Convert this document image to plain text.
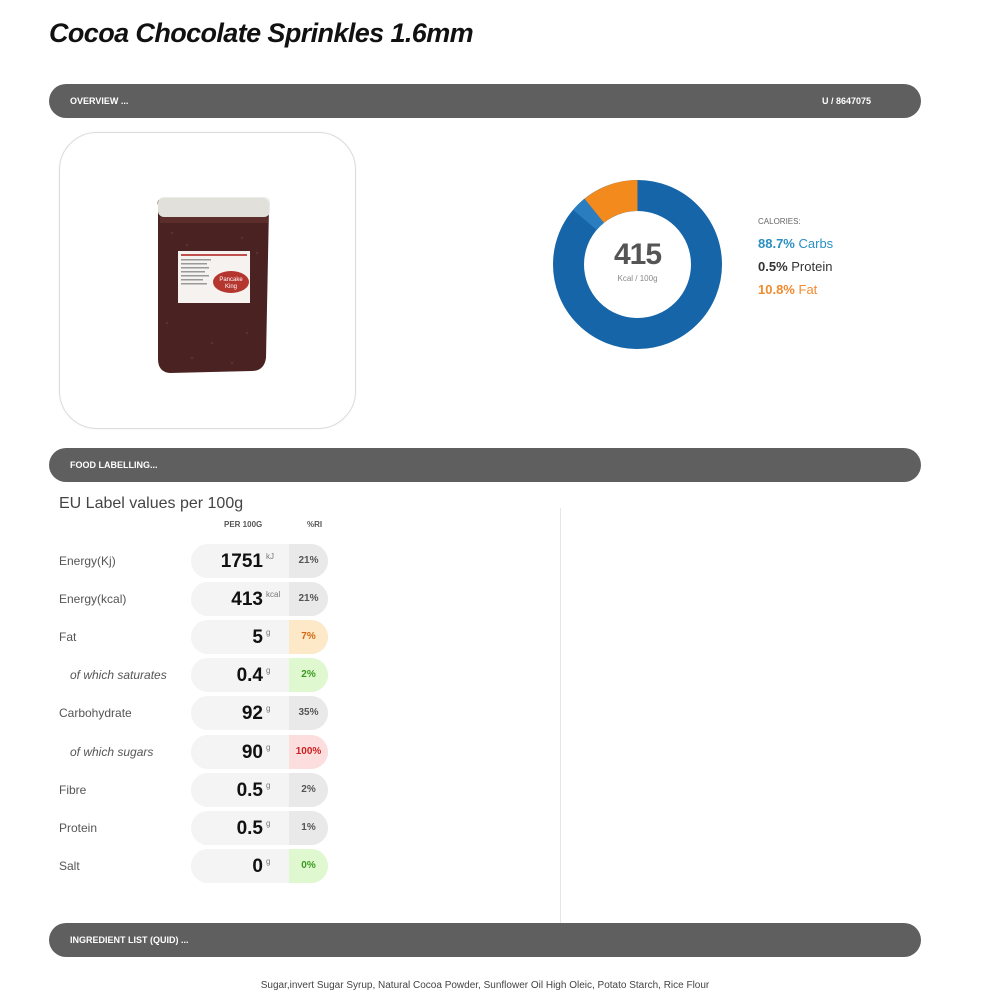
Cocoa Chocolate Sprinkles 1.6mm
OVERVIEW ...	U / 8647075
Pancake
King
415
Kcal / 100g
CALORIES:
88.7% Carbs
0.5% Protein
10.8% Fat
FOOD LABELLING...
EU Label values per 100g
PER 100G	%RI
Energy(Kj)	1751 kJ	21%
Energy(kcal)	413 kcal	21%
Fat	5 g	7%
of which saturates	0.4 g	2%
Carbohydrate	92 g	35%
of which sugars	90 g	100%
Fibre	0.5 g	2%
Protein	0.5 g	1%
Salt	0 g	0%
INGREDIENT LIST (QUID) ...
Sugar,invert Sugar Syrup, Natural Cocoa Powder, Sunflower Oil High Oleic, Potato Starch, Rice Flour
